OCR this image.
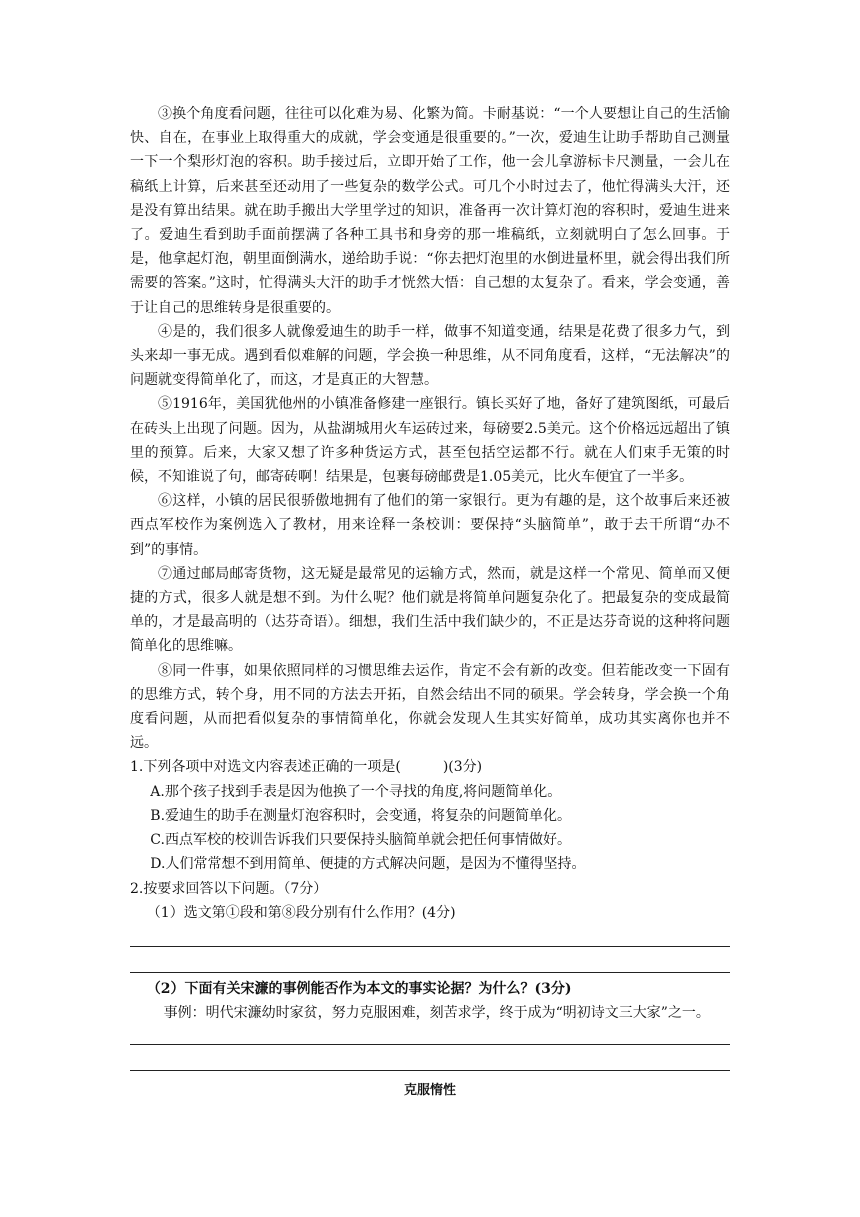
③换个角度看问题，往往可以化难为易、化繁为简。卡耐基说：“一个人要想让自己的生活愉快、自在，在事业上取得重大的成就，学会变通是很重要的。”一次，爱迪生让助手帮助自己测量一下一个梨形灯泡的容积。助手接过后，立即开始了工作，他一会儿拿游标卡尺测量，一会儿在稿纸上计算，后来甚至还动用了一些复杂的数学公式。可几个小时过去了，他忙得满头大汗，还是没有算出结果。就在助手搬出大学里学过的知识，准备再一次计算灯泡的容积时，爱迪生进来了。爱迪生看到助手面前摆满了各种工具书和身旁的那一堆稿纸，立刻就明白了怎么回事。于是，他拿起灯泡，朝里面倒满水，递给助手说：“你去把灯泡里的水倒进量杯里，就会得出我们所需要的答案。”这时，忙得满头大汗的助手才恍然大悟：自己想的太复杂了。看来，学会变通，善于让自己的思维转身是很重要的。

④是的，我们很多人就像爱迪生的助手一样，做事不知道变通，结果是花费了很多力气，到头来却一事无成。遇到看似难解的问题，学会换一种思维，从不同角度看，这样，“无法解决”的问题就变得简单化了，而这，才是真正的大智慧。

⑤1916年，美国犹他州的小镇准备修建一座银行。镇长买好了地，备好了建筑图纸，可最后在砖头上出现了问题。因为，从盐湖城用火车运砖过来，每磅要2.5美元。这个价格远远超出了镇里的预算。后来，大家又想了许多种货运方式，甚至包括空运都不行。就在人们束手无策的时候，不知谁说了句，邮寄砖啊！结果是，包裹每磅邮费是1.05美元，比火车便宜了一半多。

⑥这样，小镇的居民很骄傲地拥有了他们的第一家银行。更为有趣的是，这个故事后来还被西点军校作为案例选入了教材，用来诠释一条校训：要保持“头脑简单”，敢于去干所谓“办不到”的事情。

⑦通过邮局邮寄货物，这无疑是最常见的运输方式，然而，就是这样一个常见、简单而又便捷的方式，很多人就是想不到。为什么呢？他们就是将简单问题复杂化了。把最复杂的变成最简单的，才是最高明的（达芬奇语）。细想，我们生活中我们缺少的，不正是达芬奇说的这种将问题简单化的思维嘛。

⑧同一件事，如果依照同样的习惯思维去运作，肯定不会有新的改变。但若能改变一下固有的思维方式，转个身，用不同的方法去开拓，自然会结出不同的硕果。学会转身，学会换一个角度看问题，从而把看似复杂的事情简单化，你就会发现人生其实好简单，成功其实离你也并不远。

1.下列各项中对选文内容表述正确的一项是(　　　)(3分)

A.那个孩子找到手表是因为他换了一个寻找的角度,将问题简单化。

B.爱迪生的助手在测量灯泡容积时，会变通，将复杂的问题简单化。

C.西点军校的校训告诉我们只要保持头脑简单就会把任何事情做好。

D.人们常常想不到用简单、便捷的方式解决问题，是因为不懂得坚持。

2.按要求回答以下问题。（7分）

（1）选文第①段和第⑧段分别有什么作用？(4分)

（2）下面有关宋濂的事例能否作为本文的事实论据？为什么？(3分)

事例：明代宋濂幼时家贫，努力克服困难，刻苦求学，终于成为“明初诗文三大家”之一。

克服惰性
